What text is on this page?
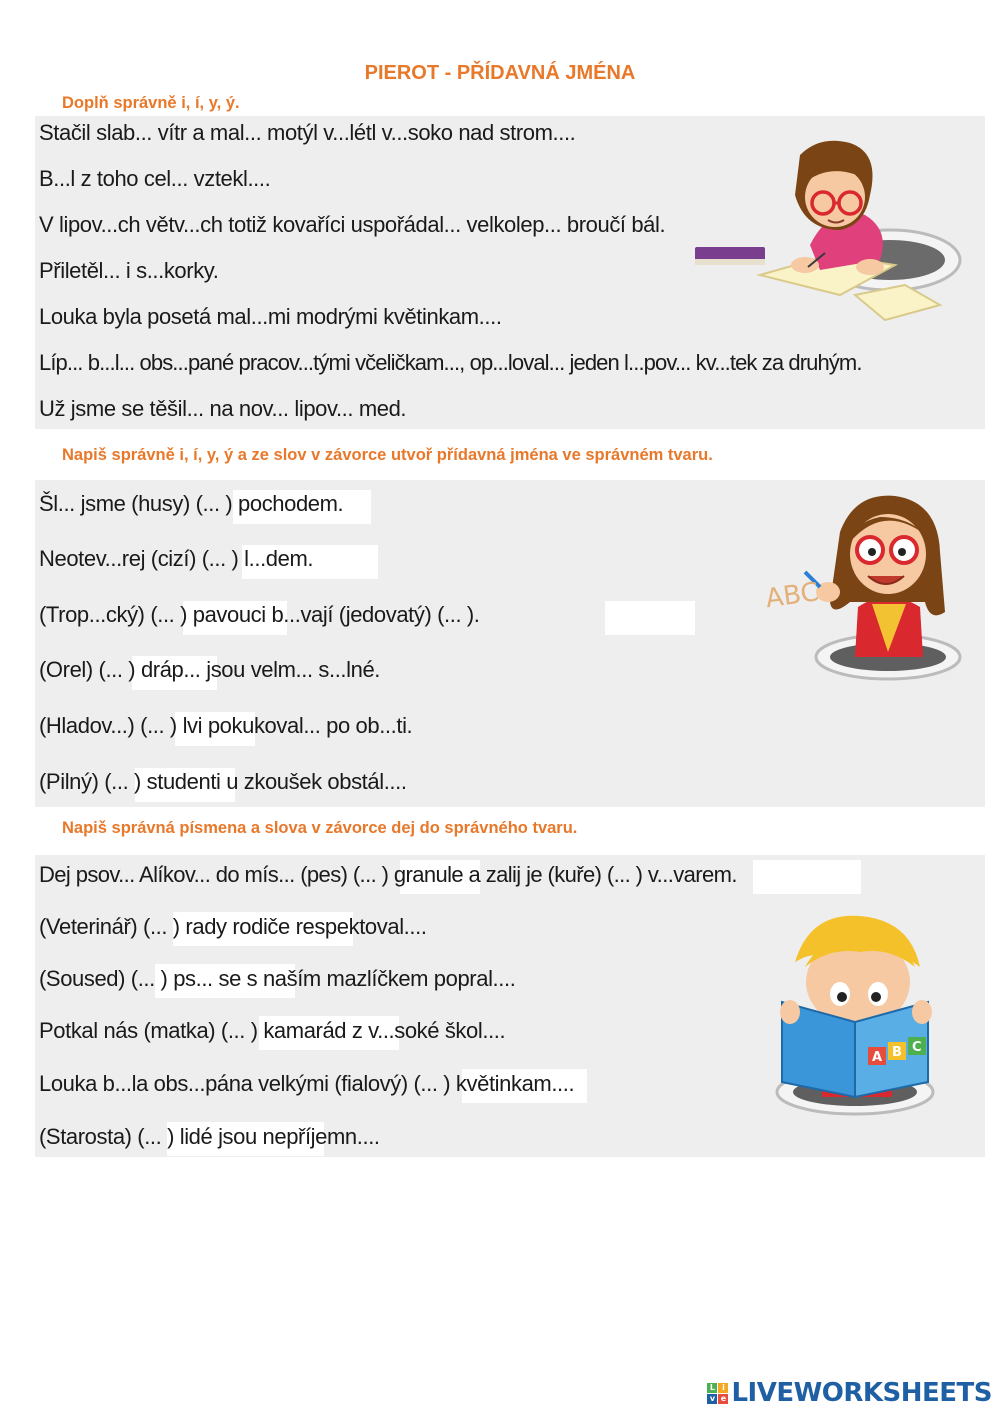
PIEROT - PŘÍDAVNÁ JMÉNA
Doplň správně i, í, y, ý.
Stačil slab... vítr a mal... motýl v...létl v...soko nad strom....
B...l z toho cel... vztekl....
V lipov...ch větv...ch totiž kovaříci uspořádal... velkolep... broučí bál.
Přiletěl... i s...korky.
Louka byla posetá mal...mi modrými květinkam....
Líp... b...l... obs...pané pracov...tými včeličkam..., op...loval... jeden l...pov... kv...tek za druhým.
Už jsme se těšil... na nov... lipov... med.
Napiš správně i, í, y, ý a ze slov v závorce utvoř přídavná jména ve správném tvaru.
Šl... jsme (husy) (... ) pochodem.
Neotev...rej (cizí) (... ) l...dem.
(Trop...cký) (... ) pavouci b...vají (jedovatý) (... ).
(Orel) (... ) dráp... jsou velm... s...lné.
(Hladov...) (... ) lvi pokukoval... po ob...ti.
(Pilný) (... ) studenti u zkoušek obstál....
ABC
Napiš správná písmena a slova v závorce dej do správného tvaru.
Dej psov... Alíkov... do mís... (pes) (... ) granule a zalij je (kuře) (... ) v...varem.
(Veterinář) (... ) rady rodiče respektoval....
(Soused) (... ) ps... se s naším mazlíčkem popral....
Potkal nás (matka) (... ) kamarád z v...soké škol....
Louka b...la obs...pána velkými (fialový) (... ) květinkam....
(Starosta) (... ) lidé jsou nepříjemn....
A B C
L i
v e LIVEWORKSHEETS
